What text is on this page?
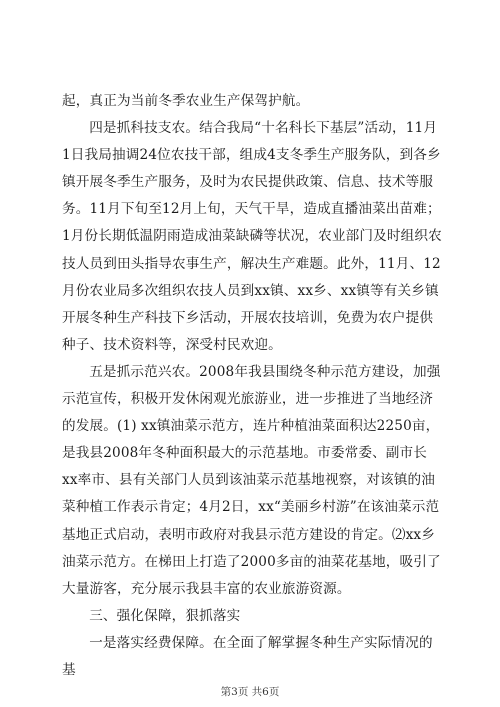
起，真正为当前冬季农业生产保驾护航。

四是抓科技支农。结合我局“十名科长下基层”活动，11月1日我局抽调24位农技干部，组成4支冬季生产服务队，到各乡镇开展冬季生产服务，及时为农民提供政策、信息、技术等服务。11月下旬至12月上旬，天气干旱，造成直播油菜出苗难；1月份长期低温阴雨造成油菜缺磷等状况，农业部门及时组织农技人员到田头指导农事生产，解决生产难题。此外，11月、12月份农业局多次组织农技人员到xx镇、xx乡、xx镇等有关乡镇开展冬种生产科技下乡活动，开展农技培训，免费为农户提供种子、技术资料等，深受村民欢迎。

五是抓示范兴农。2008年我县围绕冬种示范方建设，加强示范宣传，积极开发休闲观光旅游业，进一步推进了当地经济的发展。(1) xx镇油菜示范方，连片种植油菜面积达2250亩，是我县2008年冬种面积最大的示范基地。市委常委、副市长xx率市、县有关部门人员到该油菜示范基地视察，对该镇的油菜种植工作表示肯定；4月2日，xx“美丽乡村游”在该油菜示范基地正式启动，表明市政府对我县示范方建设的肯定。⑵xx乡油菜示范方。在梯田上打造了2000多亩的油菜花基地，吸引了大量游客，充分展示我县丰富的农业旅游资源。

三、强化保障，狠抓落实

一是落实经费保障。在全面了解掌握冬种生产实际情况的基

第3页 共6页
